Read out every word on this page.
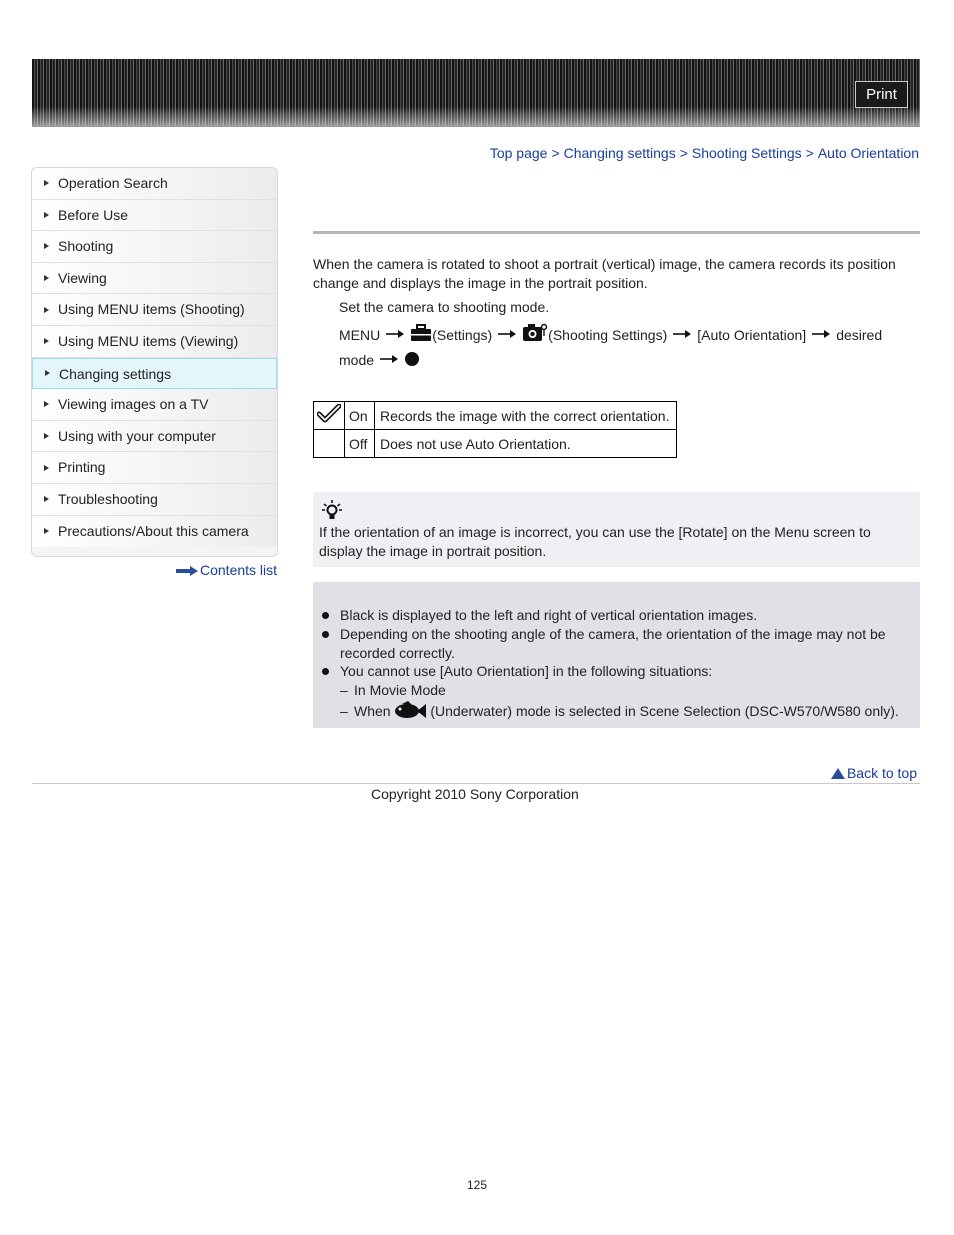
Print
Top page > Changing settings > Shooting Settings > Auto Orientation
Operation Search
Before Use
Shooting
Viewing
Using MENU items (Shooting)
Using MENU items (Viewing)
Changing settings
Viewing images on a TV
Using with your computer
Printing
Troubleshooting
Precautions/About this camera
Contents list
When the camera is rotated to shoot a portrait (vertical) image, the camera records its position change and displays the image in the portrait position.
Set the camera to shooting mode.
MENU	(Settings)	(Shooting Settings) [Auto Orientation] desired
mode
	On	Records the image with the correct orientation.
	Off	Does not use Auto Orientation.
If the orientation of an image is incorrect, you can use the [Rotate] on the Menu screen to display the image in portrait position.
Black is displayed to the left and right of vertical orientation images.
Depending on the shooting angle of the camera, the orientation of the image may not be recorded correctly.
You cannot use [Auto Orientation] in the following situations:
– In Movie Mode
– When	(Underwater) mode is selected in Scene Selection (DSC-W570/W580 only).
Back to top
Copyright 2010 Sony Corporation
125
